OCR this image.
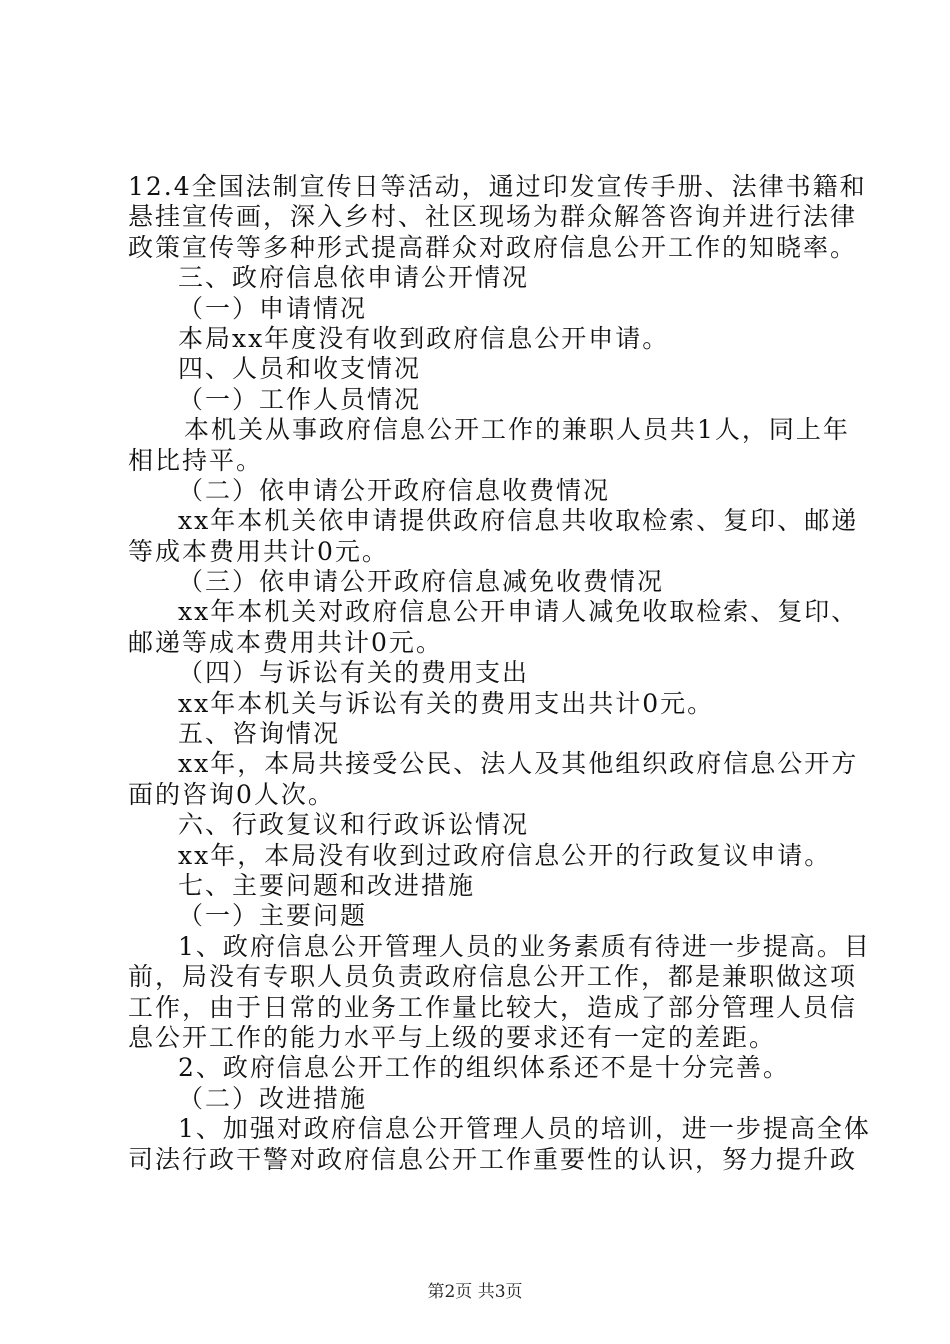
12.4全国法制宣传日等活动，通过印发宣传手册、法律书籍和
悬挂宣传画，深入乡村、社区现场为群众解答咨询并进行法律
政策宣传等多种形式提高群众对政府信息公开工作的知晓率。
三、政府信息依申请公开情况
（一）申请情况
本局xx年度没有收到政府信息公开申请。
四、人员和收支情况
（一）工作人员情况
本机关从事政府信息公开工作的兼职人员共1人，同上年
相比持平。
（二）依申请公开政府信息收费情况
xx年本机关依申请提供政府信息共收取检索、复印、邮递
等成本费用共计0元。
（三）依申请公开政府信息减免收费情况
xx年本机关对政府信息公开申请人减免收取检索、复印、
邮递等成本费用共计0元。
（四）与诉讼有关的费用支出
xx年本机关与诉讼有关的费用支出共计0元。
五、咨询情况
xx年，本局共接受公民、法人及其他组织政府信息公开方
面的咨询0人次。
六、行政复议和行政诉讼情况
xx年，本局没有收到过政府信息公开的行政复议申请。
七、主要问题和改进措施
（一）主要问题
1、政府信息公开管理人员的业务素质有待进一步提高。目
前，局没有专职人员负责政府信息公开工作，都是兼职做这项
工作，由于日常的业务工作量比较大，造成了部分管理人员信
息公开工作的能力水平与上级的要求还有一定的差距。
2、政府信息公开工作的组织体系还不是十分完善。
（二）改进措施
1、加强对政府信息公开管理人员的培训，进一步提高全体
司法行政干警对政府信息公开工作重要性的认识，努力提升政
第2页 共3页
